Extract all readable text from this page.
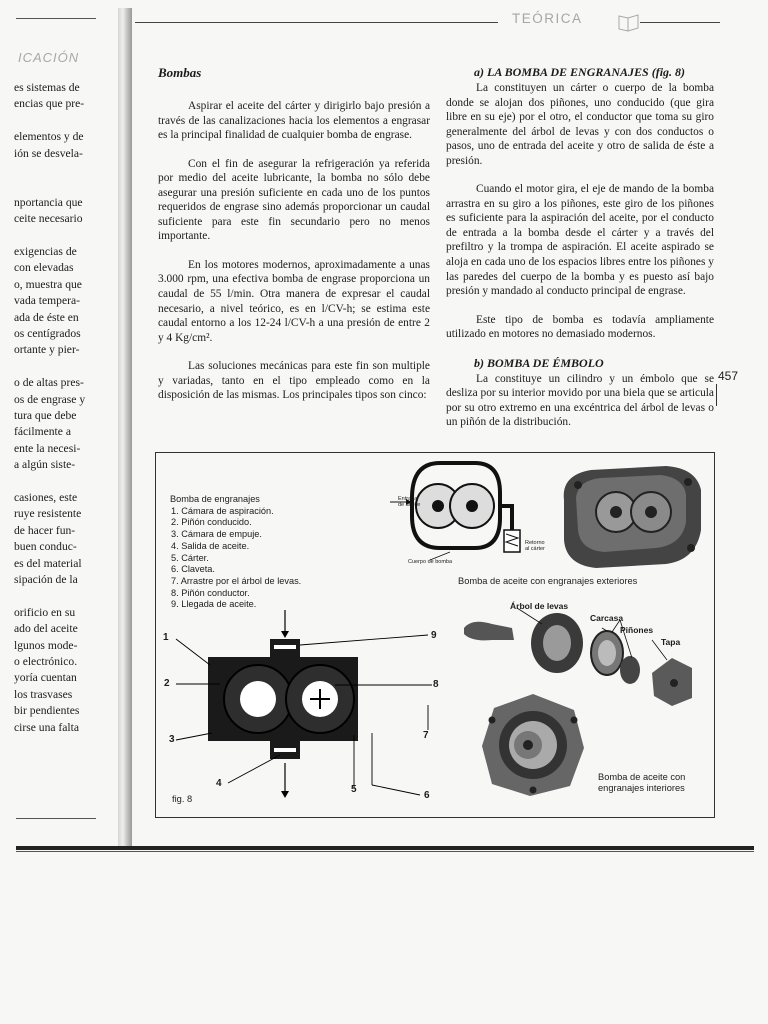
ICACIÓN
es sistemas de
encias que pre-
elementos y de
ión se desvela-
nportancia que
ceite necesario
exigencias de
con elevadas
o, muestra que
vada tempera-
ada de éste en
os centígrados
ortante y pier-
o de altas pres-
os de engrase y
tura que debe
fácilmente a
ente la necesi-
a algún siste-
casiones, este
ruye resistente
de hacer fun-
buen conduc-
es del material
sipación de la
orificio en su
ado del aceite
lgunos mode-
o electrónico.
yoría cuentan
los trasvases
bir pendientes
cirse una falta
TEÓRICA
Bombas

Aspirar el aceite del cárter y dirigirlo bajo presión a través de las canalizaciones hacia los elementos a engrasar es la principal finalidad de cualquier bomba de engrase.

Con el fin de asegurar la refrigeración ya referida por medio del aceite lubricante, la bomba no sólo debe asegurar una presión suficiente en cada uno de los puntos requeridos de engrase sino además proporcionar un caudal suficiente para este fin secundario pero no menos importante.

En los motores modernos, aproximadamente a unas 3.000 rpm, una efectiva bomba de engrase proporciona un caudal de 55 l/min. Otra manera de expresar el caudal necesario, a nivel teórico, es en l/CV-h; se estima este caudal entorno a los 12-24 l/CV-h a una presión de entre 2 y 4 Kg/cm².

Las soluciones mecánicas para este fin son multiple y variadas, tanto en el tipo empleado como en la disposición de las mismas. Los principales tipos son cinco:

a) LA BOMBA DE ENGRANAJES (fig. 8)

La constituyen un cárter o cuerpo de la bomba donde se alojan dos piñones, uno conducido (que gira libre en su eje) por el otro, el conductor que toma su giro generalmente del árbol de levas y con dos conductos o pasos, uno de entrada del aceite y otro de salida de éste a presión.

Cuando el motor gira, el eje de mando de la bomba arrastra en su giro a los piñones, este giro de los piñones es suficiente para la aspiración del aceite, por el conducto de entrada a la bomba desde el cárter y a través del prefiltro y la trompa de aspiración. El aceite aspirado se aloja en cada uno de los espacios libres entre los piñones y las paredes del cuerpo de la bomba y es puesto así bajo presión y mandado al conducto principal de engrase.

Este tipo de bomba es todavía ampliamente utilizado en motores no demasiado modernos.

b) BOMBA DE ÉMBOLO

La constituye un cilindro y un émbolo que se desliza por su interior movido por una biela que se articula por su otro extremo en una excéntrica del árbol de levas o un piñón de la distribución.

457
Bomba de engranajes
1. Cámara de aspiración.
2. Piñón conducido.
3. Cámara de empuje.
4. Salida de aceite.
5. Cárter.
6. Claveta.
7. Arrastre por el árbol de levas.
8. Piñón conductor.
9. Llegada de aceite.
1
2
3
4
5
6
7
8
9
fig. 8
Entrada
de aceite
Cuerpo de bomba
Retorno
al cárter
Bomba de aceite con engranajes exteriores
Árbol de levas
Carcasa
Piñones
Tapa
Bomba de aceite con
engranajes interiores
